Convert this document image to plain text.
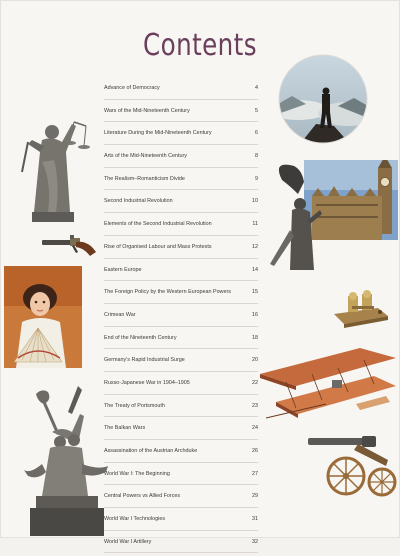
Contents
Advance of Democracy	4
Wars of the Mid-Nineteenth Century	5
Literature During the Mid-Nineteenth Century	6
Arts of the Mid-Nineteenth Century	8
The Realism–Romanticism Divide	9
Second Industrial Revolution	10
Elements of the Second Industrial Revolution	11
Rise of Organised Labour and Mass Protests	12
Eastern Europe	14
The Foreign Policy by the Western European Powers	15
Crimean War	16
End of the Nineteenth Century	18
Germany’s Rapid Industrial Surge	20
Russo-Japanese War in 1904–1905	22
The Treaty of Portsmouth	23
The Balkan Wars	24
Assassination of the Austrian Archduke	26
World War I: The Beginning	27
Central Powers vs Allied Forces	29
World War I Technologies	31
World War I Artillery	32
